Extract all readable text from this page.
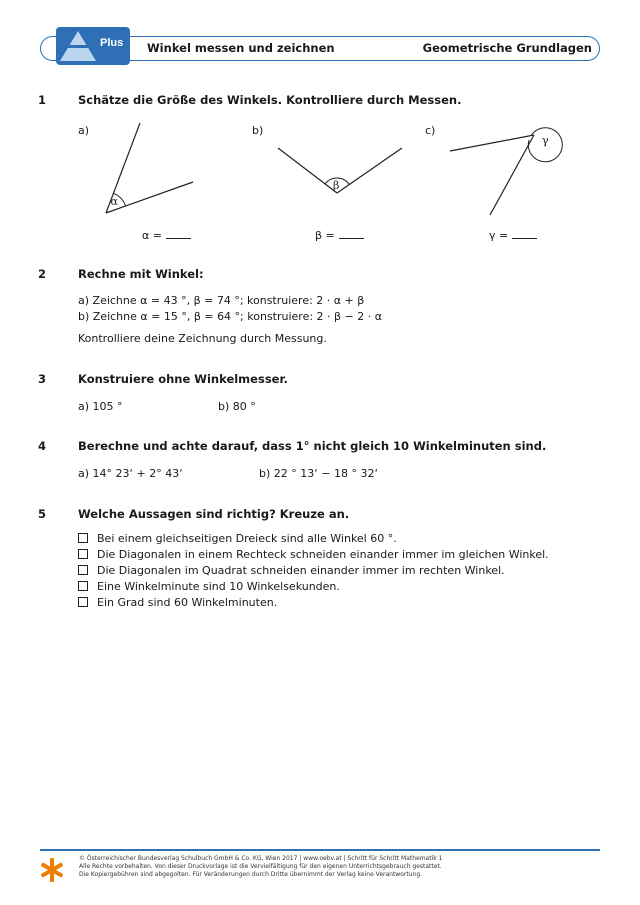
Plus Winkel messen und zeichnen	Geometrische Grundlagen
1	Schätze die Größe des Winkels. Kontrolliere durch Messen.
a)	b)	c)
α
β
γ
α =	β =	γ =
2	Rechne mit Winkel:
a) Zeichne α = 43 °, β = 74 °; konstruiere: 2 · α + β
b) Zeichne α = 15 °, β = 64 °; konstruiere: 2 · β − 2 · α
Kontrolliere deine Zeichnung durch Messung.
3	Konstruiere ohne Winkelmesser.
a) 105 °	b) 80 °
4	Berechne und achte darauf, dass 1° nicht gleich 10 Winkelminuten sind.
a) 14° 23‘ + 2° 43‘	b) 22 ° 13‘ − 18 ° 32‘
5	Welche Aussagen sind richtig? Kreuze an.
Bei einem gleichseitigen Dreieck sind alle Winkel 60 °.
Die Diagonalen in einem Rechteck schneiden einander immer im gleichen Winkel.
Die Diagonalen im Quadrat schneiden einander immer im rechten Winkel.
Eine Winkelminute sind 10 Winkelsekunden.
Ein Grad sind 60 Winkelminuten.
© Österreichischer Bundesverlag Schulbuch GmbH & Co. KG, Wien 2017 | www.oebv.at | Schritt für Schritt Mathematik 1
Alle Rechte vorbehalten. Von dieser Druckvorlage ist die Vervielfältigung für den eigenen Unterrichtsgebrauch gestattet.
Die Kopiergebühren sind abgegolten. Für Veränderungen durch Dritte übernimmt der Verlag keine Verantwortung.
